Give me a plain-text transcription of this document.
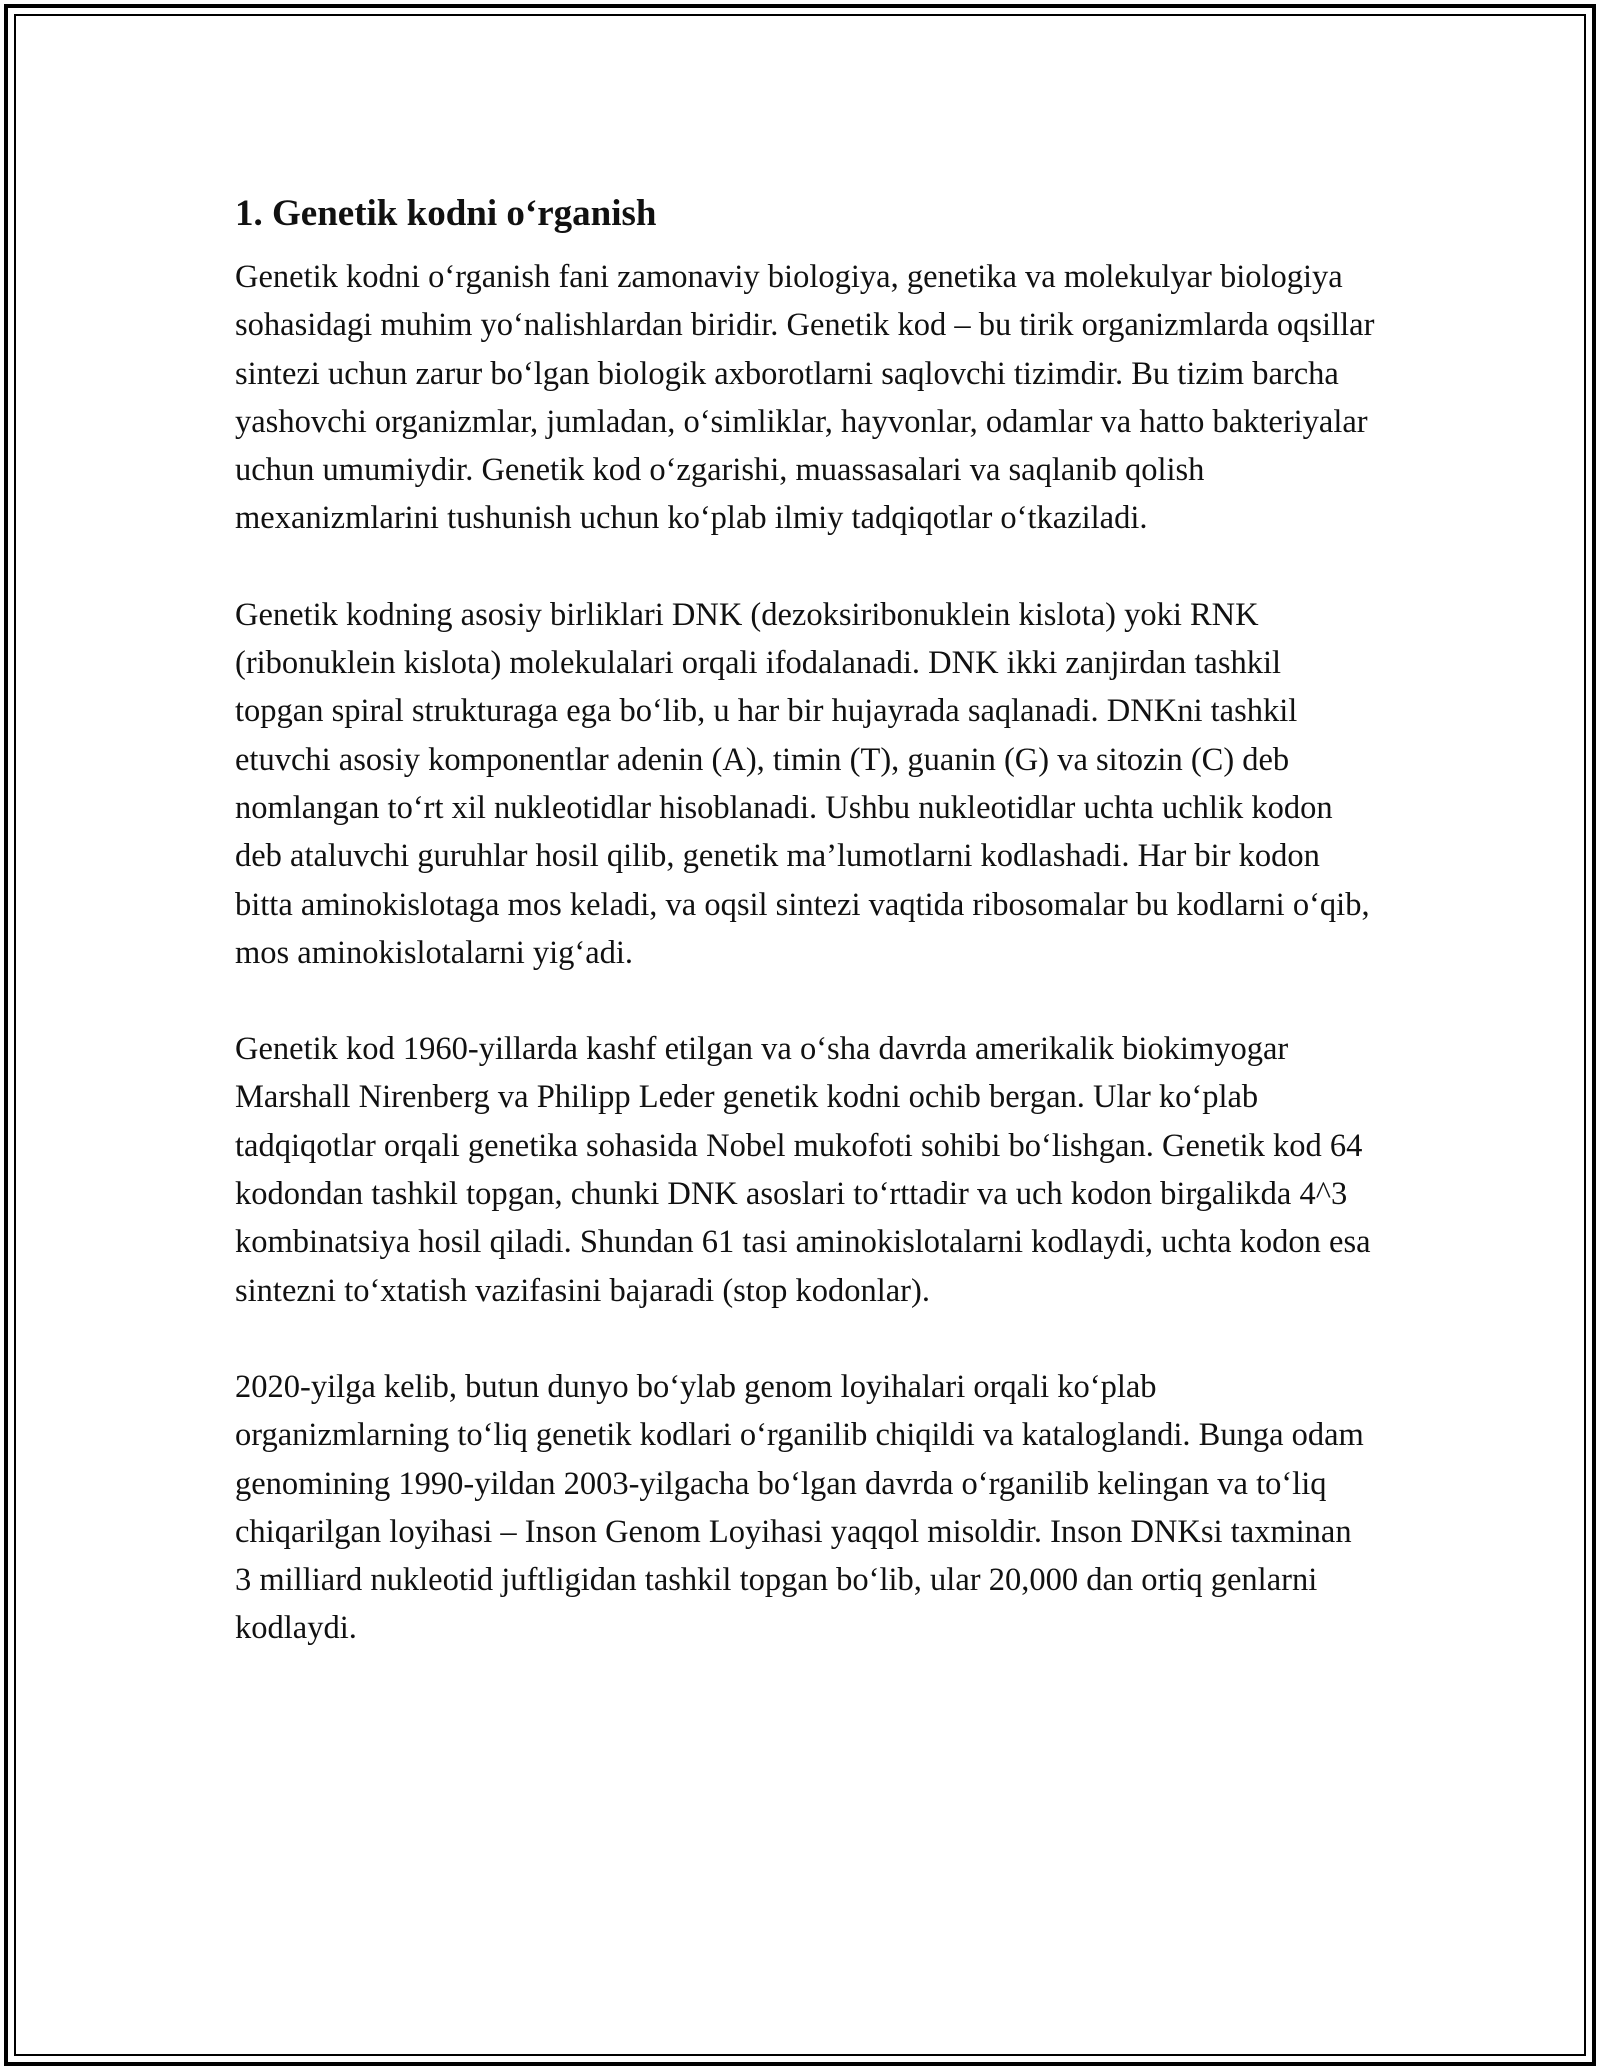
1. Genetik kodni o‘rganish

Genetik kodni o‘rganish fani zamonaviy biologiya, genetika va molekulyar biologiya sohasidagi muhim yo‘nalishlardan biridir. Genetik kod – bu tirik organizmlarda oqsillar sintezi uchun zarur bo‘lgan biologik axborotlarni saqlovchi tizimdir. Bu tizim barcha yashovchi organizmlar, jumladan, o‘simliklar, hayvonlar, odamlar va hatto bakteriyalar uchun umumiydir. Genetik kod o‘zgarishi, muassasalari va saqlanib qolish mexanizmlarini tushunish uchun ko‘plab ilmiy tadqiqotlar o‘tkaziladi.

Genetik kodning asosiy birliklari DNK (dezoksiribonuklein kislota) yoki RNK (ribonuklein kislota) molekulalari orqali ifodalanadi. DNK ikki zanjirdan tashkil topgan spiral strukturaga ega bo‘lib, u har bir hujayrada saqlanadi. DNKni tashkil etuvchi asosiy komponentlar adenin (A), timin (T), guanin (G) va sitozin (C) deb nomlangan to‘rt xil nukleotidlar hisoblanadi. Ushbu nukleotidlar uchta uchlik kodon deb ataluvchi guruhlar hosil qilib, genetik ma’lumotlarni kodlashadi. Har bir kodon bitta aminokislotaga mos keladi, va oqsil sintezi vaqtida ribosomalar bu kodlarni o‘qib, mos aminokislotalarni yig‘adi.

Genetik kod 1960-yillarda kashf etilgan va o‘sha davrda amerikalik biokimyogar Marshall Nirenberg va Philipp Leder genetik kodni ochib bergan. Ular ko‘plab tadqiqotlar orqali genetika sohasida Nobel mukofoti sohibi bo‘lishgan. Genetik kod 64 kodondan tashkil topgan, chunki DNK asoslari to‘rttadir va uch kodon birgalikda 4^3 kombinatsiya hosil qiladi. Shundan 61 tasi aminokislotalarni kodlaydi, uchta kodon esa sintezni to‘xtatish vazifasini bajaradi (stop kodonlar).

2020-yilga kelib, butun dunyo bo‘ylab genom loyihalari orqali ko‘plab organizmlarning to‘liq genetik kodlari o‘rganilib chiqildi va kataloglandi. Bunga odam genomining 1990-yildan 2003-yilgacha bo‘lgan davrda o‘rganilib kelingan va to‘liq chiqarilgan loyihasi – Inson Genom Loyihasi yaqqol misoldir. Inson DNKsi taxminan 3 milliard nukleotid juftligidan tashkil topgan bo‘lib, ular 20,000 dan ortiq genlarni kodlaydi.
